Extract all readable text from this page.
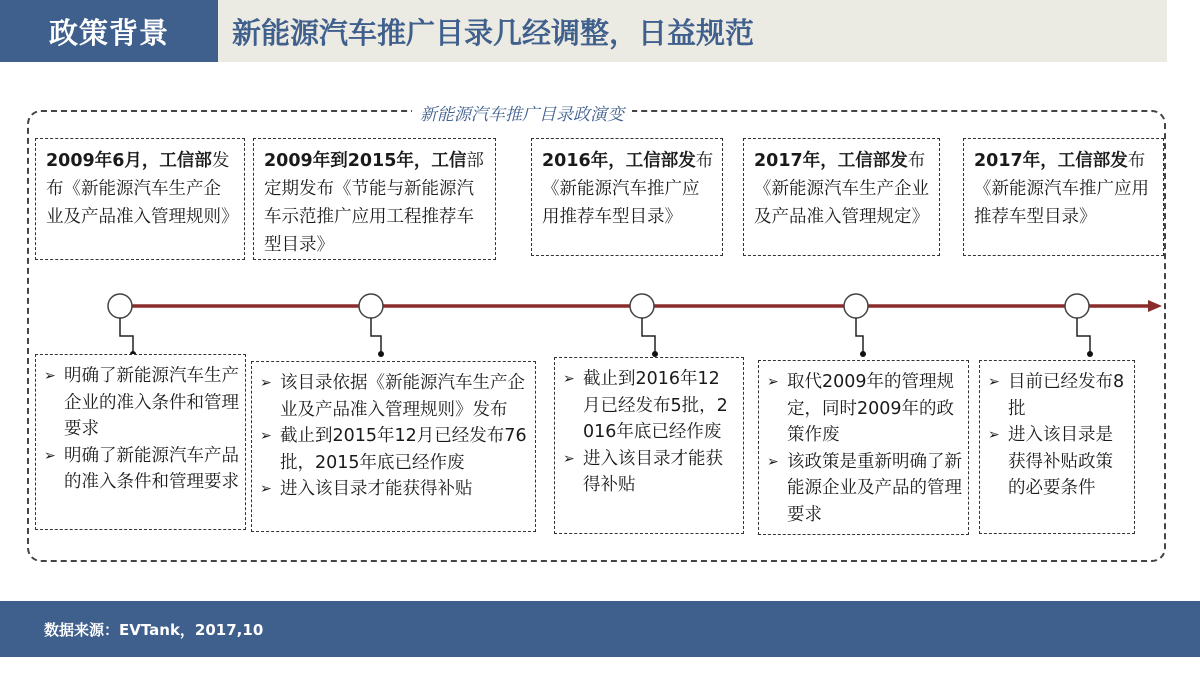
政策背景	新能源汽车推广目录几经调整，日益规范
新能源汽车推广目录政演变

2009年6月，工信部发布《新能源汽车生产企业及产品准入管理规则》

2009年到2015年，工信部定期发布《节能与新能源汽车示范推广应用工程推荐车型目录》

2016年，工信部发布《新能源汽车推广应用推荐车型目录》

2017年，工信部发布《新能源汽车生产企业及产品准入管理规定》

2017年，工信部发布《新能源汽车推广应用推荐车型目录》

➢ 明确了新能源汽车生产企业的准入条件和管理要求
➢ 明确了新能源汽车产品的准入条件和管理要求
➢ 该目录依据《新能源汽车生产企业及产品准入管理规则》发布
➢ 截止到2015年12月已经发布76批，2015年底已经作废
➢ 进入该目录才能获得补贴
➢ 截止到2016年12月已经发布5批，2016年底已经作废
➢ 进入该目录才能获得补贴
➢ 取代2009年的管理规定，同时2009年的政策作废
➢ 该政策是重新明确了新能源企业及产品的管理要求
➢ 目前已经发布8批
➢ 进入该目录是获得补贴政策的必要条件
数据来源：EVTank，2017,10
